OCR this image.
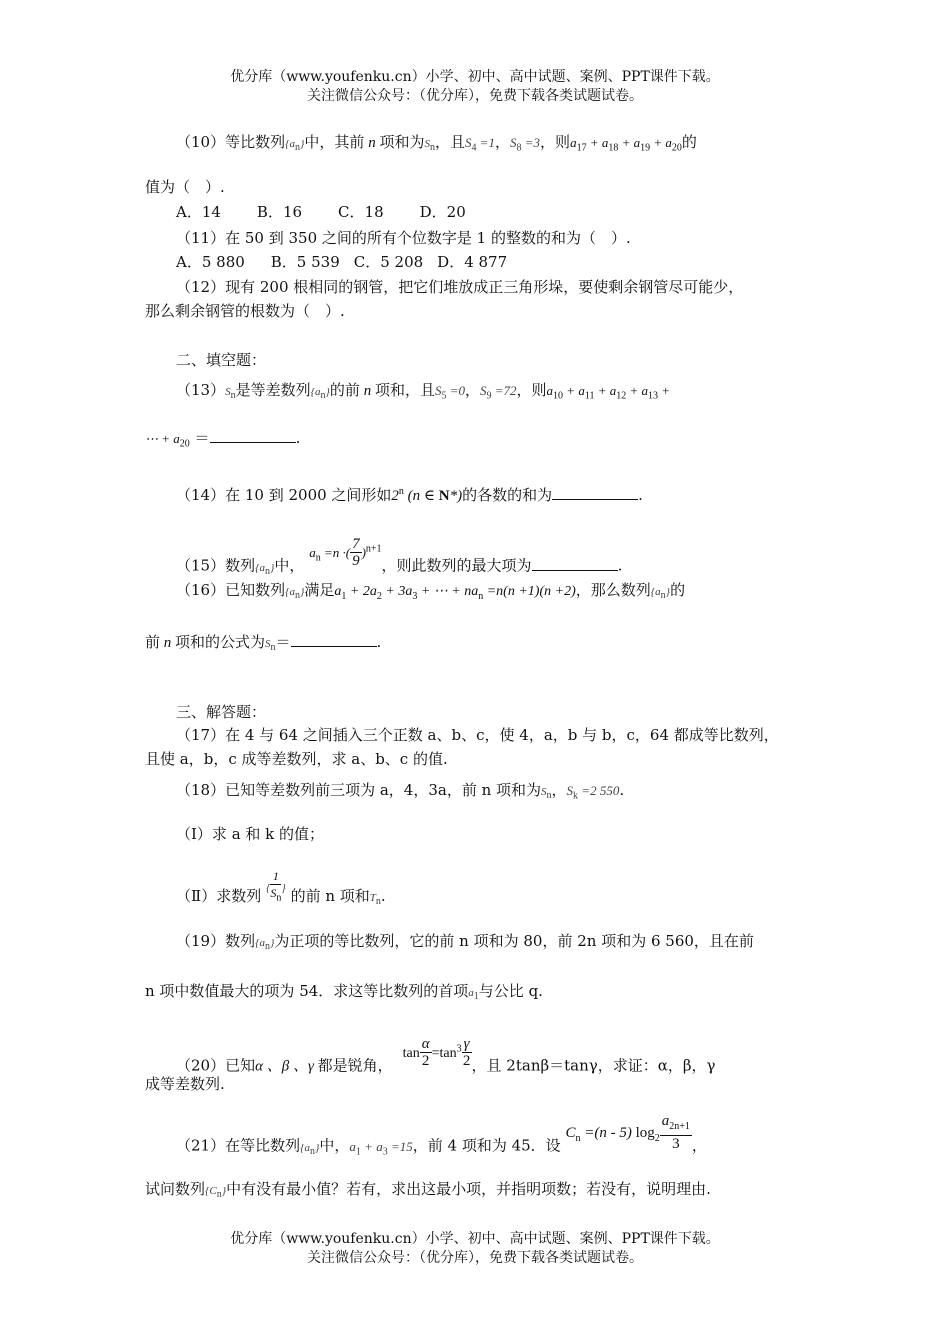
优分库（www.youfenku.cn）小学、初中、高中试题、案例、PPT课件下载。
关注微信公众号：（优分库），免费下载各类试题试卷。
（10）等比数列$\{a_n\}$中，其前 n 项和为$S_n$，且$S_4 =1$，$S_8 =3$，则$a_{17} + a_{18} + a_{19} + a_{20}$的
值为（　）.
A．14 B．16 C．18 D．20
（11）在 50 到 350 之间的所有个位数字是 1 的整数的和为（　）.
A．5 880 B．5 539 C．5 208 D．4 877
（12）现有 200 根相同的钢管，把它们堆放成正三角形垛，要使剩余钢管尽可能少，
那么剩余钢管的根数为（　）.
二、填空题：
$(13)S_n$是等差数列$\{a_n\}$的前 n 项和，且$S_5 =0$，$S_9 =72$，则$a_{10} + a_{11} + a_{12} + a_{13}$ +
⋯ + $a_{20}$ ＝	.
（14）在 10 到 2000 之间形如2$^n$ (n ∈ N*)的各数的和为	.
（15）数列$\{a_n\}$中， $a_n =n$ ·( $\frac{7}{9} )^{n+1}$，则此数列的最大项为	.
（16）已知数列$\{a_n\}$满足$a_1 + 2a_2 + 3a_3$ + ⋯ + $na_n =n(n +1)(n +2)$，那么数列$\{a_n\}$的
前 n 项和的公式为$S_n=$	.
三、解答题：
（17）在 4 与 64 之间插入三个正数 a、b、c，使 4，a，b 与 b，c，64 都成等比数列，
且使 a，b，c 成等差数列，求 a、b、c 的值.
（18）已知等差数列前三项为 a，4，3a，前 n 项和为$S_n$，$S_k =2$ 550.
（Ⅰ）求 a 和 k 的值；
（Ⅱ）求数列 $^{\{} \frac{1}{S_n} ^{\}}$ 的前 n 项和$T_n$.
（19）数列$\{a_n\}$为正项的等比数列，它的前 n 项和为 80，前 2n 项和为 6 560，且在前
n 项中数值最大的项为 54．求这等比数列的首项$a_1$与公比 q.
（20）已知α 、β 、γ 都是锐角，$\tan \frac{\alpha}{2} =\tan^3 \frac{\gamma}{2}$ ，且 2tanβ＝tanγ，求证：α，β，γ
成等差数列.
（21）在等比数列$\{a_n\}$中，$a_1 + a_3 =15$，前 4 项和为 45．设 $C_n =(n - 5)$ $\log_2 \frac{a_{2n+1}}{3}$ ，
试问数列$\{C_n\}$中有没有最小值？若有，求出这最小项，并指明项数；若没有，说明理由.
优分库（www.youfenku.cn）小学、初中、高中试题、案例、PPT课件下载。
关注微信公众号：（优分库），免费下载各类试题试卷。
